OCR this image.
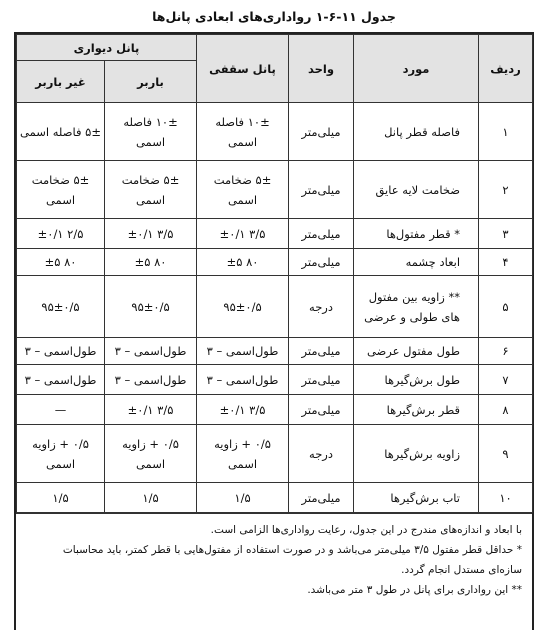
جدول ۱۱-۶-۱ رواداری‌های ابعادی پانل‌ها
ردیف	مورد	واحد	پانل سقفی	پانل دیواری	
				باربر	غیر باربر
۱	فاصله قطر پانل	میلی‌متر	۱۰± فاصله اسمی	۱۰± فاصله اسمی	۵± فاصله اسمی
۲	ضخامت لایه عایق	میلی‌متر	۵± ضخامت اسمی	۵± ضخامت اسمی	۵± ضخامت اسمی
۳	* قطر مفتول‌ها	میلی‌متر	۳/۵ ±۰/۱	۳/۵ ±۰/۱	۲/۵ ±۰/۱
۴	ابعاد چشمه	میلی‌متر	۸۰ ±۵	۸۰ ±۵	۸۰ ±۵
۵	** زاویه بین مفتول های طولی و عرضی	درجه	۹۵±۰/۵	۹۵±۰/۵	۹۵±۰/۵
۶	طول مفتول عرضی	میلی‌متر	طول‌اسمی – ۳	طول‌اسمی – ۳	طول‌اسمی – ۳
۷	طول برش‌گیرها	میلی‌متر	طول‌اسمی – ۳	طول‌اسمی – ۳	طول‌اسمی – ۳
۸	قطر برش‌گیرها	میلی‌متر	۳/۵ ±۰/۱	۳/۵ ±۰/۱	—
۹	زاویه برش‌گیرها	درجه	۰/۵ + زاویه اسمی	۰/۵ + زاویه اسمی	۰/۵ + زاویه اسمی
۱۰	تاب برش‌گیرها	میلی‌متر	۱/۵	۱/۵	۱/۵

با ابعاد و اندازه‌های مندرج در این جدول، رعایت رواداری‌ها الزامی است.

* حداقل قطر مفتول ۳/۵ میلی‌متر می‌باشد و در صورت استفاده از مفتول‌هایی با قطر کمتر، باید محاسبات سازه‌ای مستدل انجام گردد.

** این رواداری برای پانل در طول ۳ متر می‌باشد.
